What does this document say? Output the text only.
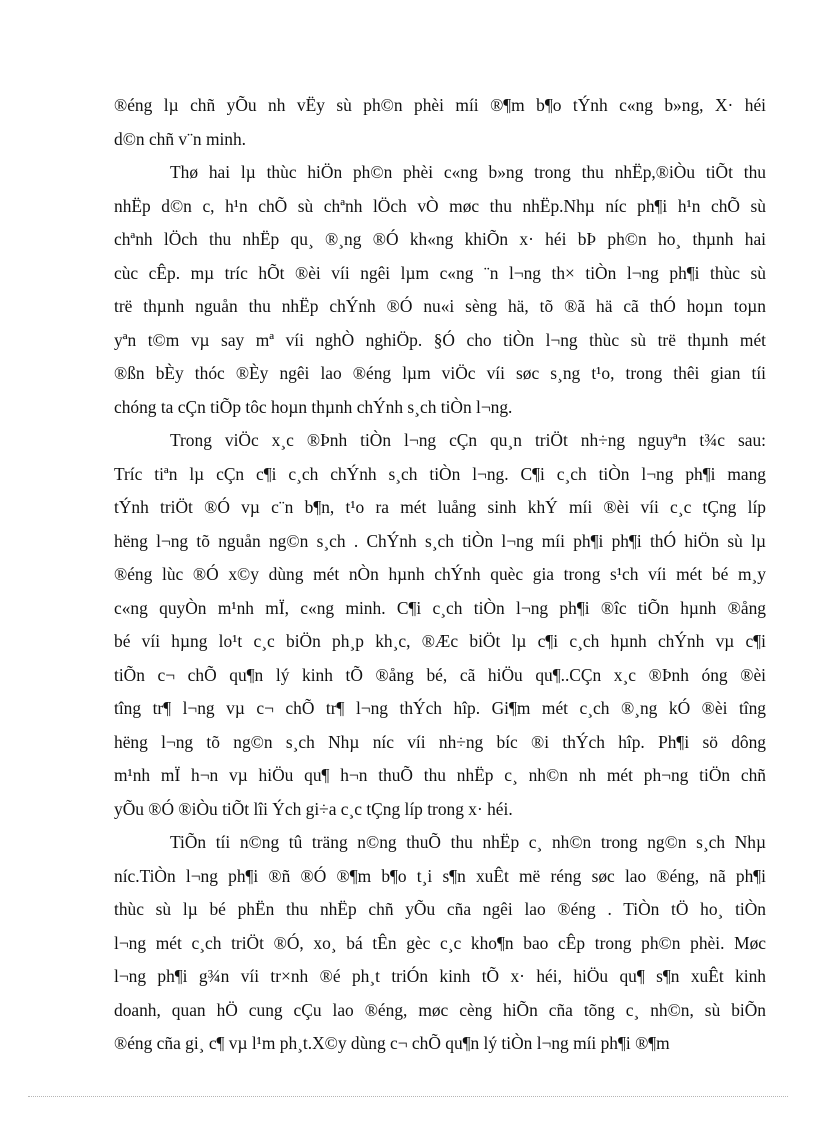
®éng lµ chñ yÕu nh vËy sù ph©n phèi míi ®¶m b¶o tÝnh c«ng b»ng, X· héi
d©n chñ v¨n minh.

Thø hai lµ thùc hiÖn ph©n phèi c«ng b»ng trong thu nhËp,®iÒu tiÕt thu
nhËp d©n c, h¹n chÕ sù chªnh lÖch vÒ møc thu nhËp.Nhµ níc ph¶i h¹n chÕ sù
chªnh lÖch thu nhËp qu¸ ®¸ng ®Ó kh«ng khiÕn x· héi bÞ ph©n ho¸ thµnh hai
cùc cÊp. mµ tríc hÕt ®èi víi ngêi lµm c«ng ¨n l¬ng th× tiÒn l¬ng ph¶i thùc sù
trë thµnh nguån thu nhËp chÝnh ®Ó nu«i sèng hä, tõ ®ã hä cã thÓ hoµn toµn
yªn t©m vµ say mª víi nghÒ nghiÖp. §Ó cho tiÒn l¬ng thùc sù trë thµnh mét
®ßn bÈy thóc ®Èy ngêi lao ®éng lµm viÖc víi søc s¸ng t¹o, trong thêi gian tíi
chóng ta cÇn tiÕp tôc hoµn thµnh chÝnh s¸ch tiÒn l¬ng.

Trong viÖc x¸c ®Þnh tiÒn l¬ng cÇn qu¸n triÖt nh÷ng nguyªn t¾c sau:
Tríc tiªn lµ cÇn c¶i c¸ch chÝnh s¸ch tiÒn l¬ng. C¶i c¸ch tiÒn l¬ng ph¶i mang
tÝnh triÖt ®Ó vµ c¨n b¶n, t¹o ra mét luång sinh khÝ míi ®èi víi c¸c tÇng líp
hëng l¬ng tõ nguån ng©n s¸ch . ChÝnh s¸ch tiÒn l¬ng míi ph¶i ph¶i thÓ hiÖn sù lµ
®éng lùc ®Ó x©y dùng mét nÒn hµnh chÝnh quèc gia trong s¹ch víi mét bé m¸y
c«ng quyÒn m¹nh mÏ, c«ng minh. C¶i c¸ch tiÒn l¬ng ph¶i ®îc tiÕn hµnh ®ång
bé víi hµng lo¹t c¸c biÖn ph¸p kh¸c, ®Æc biÖt lµ c¶i c¸ch hµnh chÝnh vµ c¶i
tiÕn c¬ chÕ qu¶n lý kinh tÕ ®ång bé, cã hiÖu qu¶..CÇn x¸c ®Þnh óng ®èi
tîng tr¶ l¬ng vµ c¬ chÕ tr¶ l¬ng thÝch hîp. Gi¶m mét c¸ch ®¸ng kÓ ®èi tîng
hëng l¬ng tõ ng©n s¸ch Nhµ níc víi nh÷ng bíc ®i thÝch hîp. Ph¶i sö dông
m¹nh mÏ h¬n vµ hiÖu qu¶ h¬n thuÕ thu nhËp c¸ nh©n nh mét ph¬ng tiÖn chñ
yÕu ®Ó ®iÒu tiÕt lîi Ých gi÷a c¸c tÇng líp trong x· héi.

TiÕn tíi n©ng tû träng n©ng thuÕ thu nhËp c¸ nh©n trong ng©n s¸ch Nhµ
níc.TiÒn l¬ng ph¶i ®ñ ®Ó ®¶m b¶o t¸i s¶n xuÊt më réng søc lao ®éng, nã ph¶i
thùc sù lµ bé phËn thu nhËp chñ yÕu cña ngêi lao ®éng . TiÒn tÖ ho¸ tiÒn
l¬ng mét c¸ch triÖt ®Ó, xo¸ bá tÊn gèc c¸c kho¶n bao cÊp trong ph©n phèi. Møc
l¬ng ph¶i g¾n víi tr×nh ®é ph¸t triÓn kinh tÕ x· héi, hiÖu qu¶ s¶n xuÊt kinh
doanh, quan hÖ cung cÇu lao ®éng, møc cèng hiÕn cña tõng c¸ nh©n, sù biÕn
®éng cña gi¸ c¶ vµ l¹m ph¸t.X©y dùng c¬ chÕ qu¶n lý tiÒn l¬ng míi ph¶i ®¶m
